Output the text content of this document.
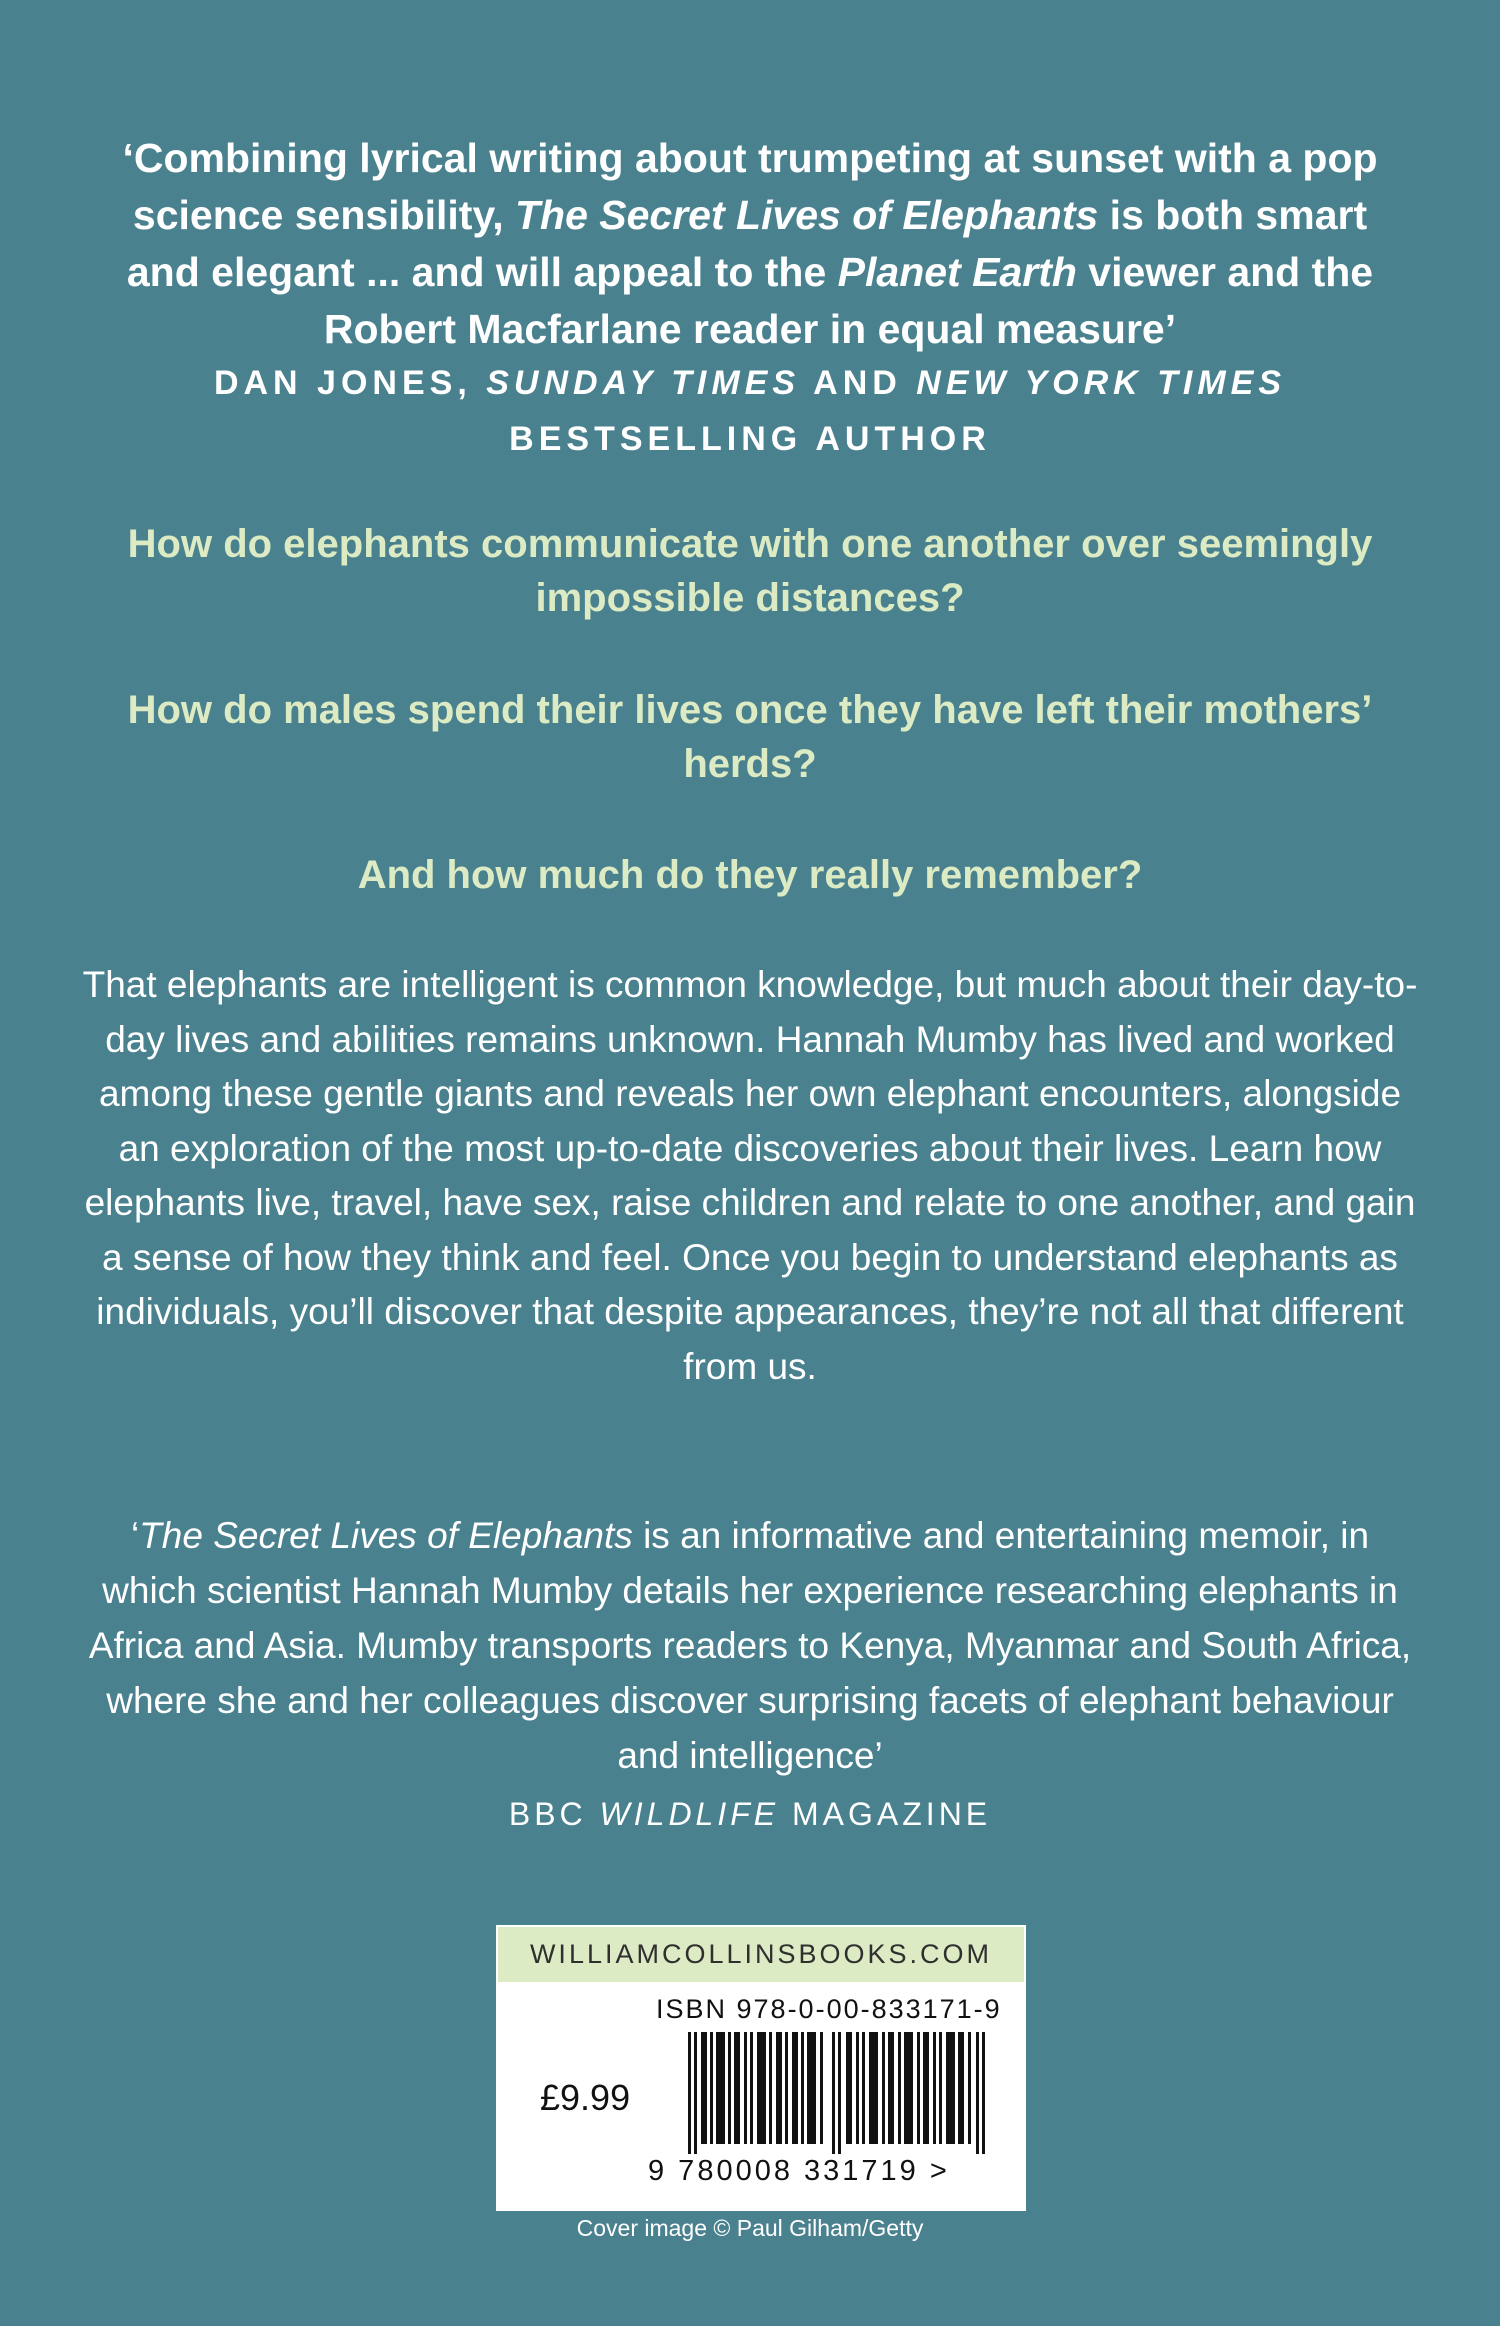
‘Combining lyrical writing about trumpeting at sunset with a pop science sensibility, The Secret Lives of Elephants is both smart and elegant ... and will appeal to the Planet Earth viewer and the Robert Macfarlane reader in equal measure’
DAN JONES, SUNDAY TIMES AND NEW YORK TIMES BESTSELLING AUTHOR
How do elephants communicate with one another over seemingly impossible distances?
How do males spend their lives once they have left their mothers’ herds?
And how much do they really remember?
That elephants are intelligent is common knowledge, but much about their day-to-day lives and abilities remains unknown. Hannah Mumby has lived and worked among these gentle giants and reveals her own elephant encounters, alongside an exploration of the most up-to-date discoveries about their lives. Learn how elephants live, travel, have sex, raise children and relate to one another, and gain a sense of how they think and feel. Once you begin to understand elephants as individuals, you’ll discover that despite appearances, they’re not all that different from us.
‘The Secret Lives of Elephants is an informative and entertaining memoir, in which scientist Hannah Mumby details her experience researching elephants in Africa and Asia. Mumby transports readers to Kenya, Myanmar and South Africa, where she and her colleagues discover surprising facets of elephant behaviour and intelligence’
BBC WILDLIFE MAGAZINE
WILLIAMCOLLINSBOOKS.COM
ISBN 978-0-00-833171-9
£9.99
9 780008 331719 >
Cover image © Paul Gilham/Getty
